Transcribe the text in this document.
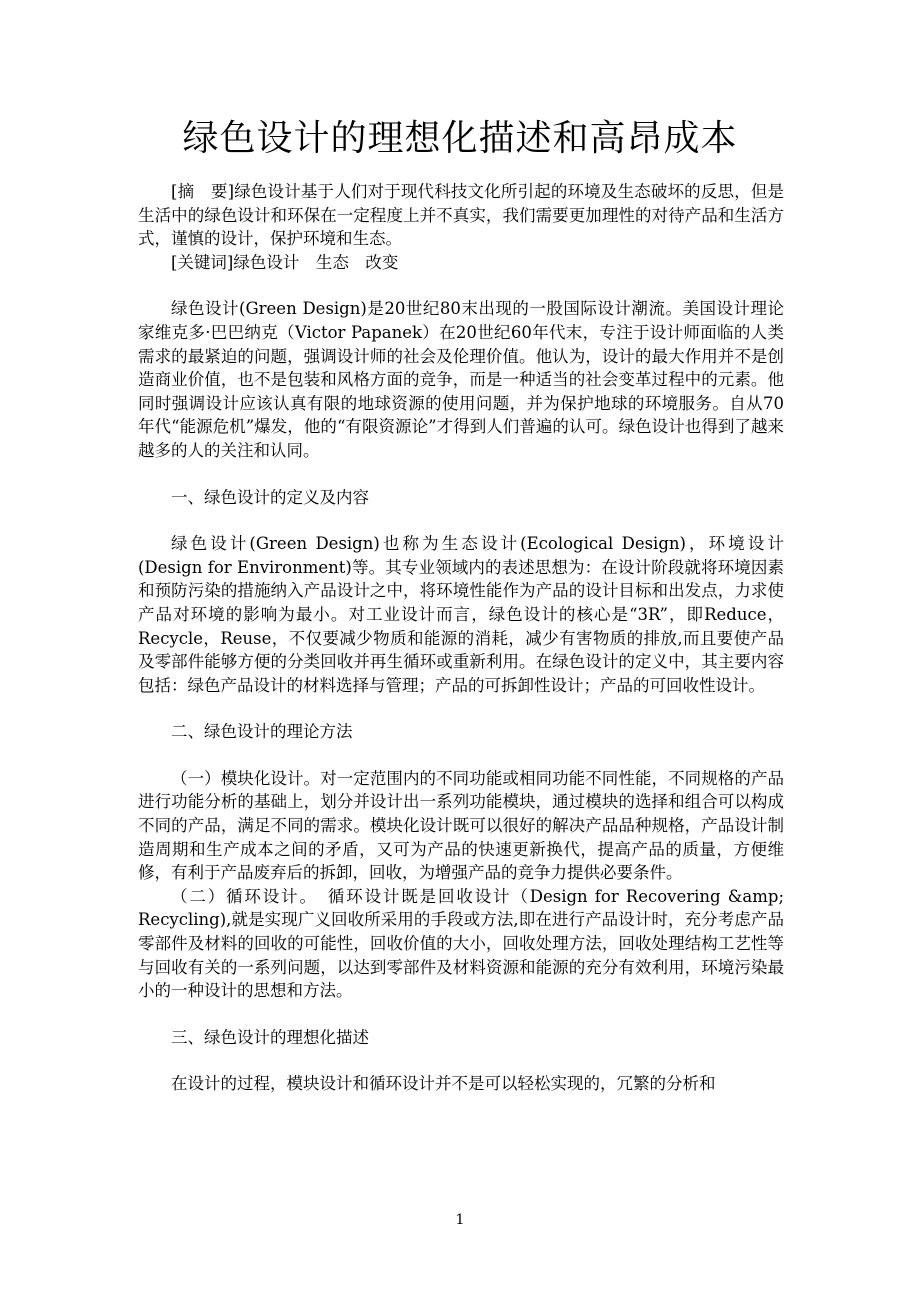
绿色设计的理想化描述和高昂成本

[摘　要]绿色设计基于人们对于现代科技文化所引起的环境及生态破坏的反思，但是生活中的绿色设计和环保在一定程度上并不真实，我们需要更加理性的对待产品和生活方式，谨慎的设计，保护环境和生态。

[关键词]绿色设计　生态　改变

绿色设计(Green Design)是20世纪80末出现的一股国际设计潮流。美国设计理论家维克多·巴巴纳克（Victor Papanek）在20世纪60年代末，专注于设计师面临的人类需求的最紧迫的问题，强调设计师的社会及伦理价值。他认为，设计的最大作用并不是创造商业价值，也不是包装和风格方面的竞争，而是一种适当的社会变革过程中的元素。他同时强调设计应该认真有限的地球资源的使用问题，并为保护地球的环境服务。自从70年代“能源危机”爆发，他的“有限资源论”才得到人们普遍的认可。绿色设计也得到了越来越多的人的关注和认同。

一、绿色设计的定义及内容

绿色设计(Green Design)也称为生态设计(Ecological Design)，环境设计(Design for Environment)等。其专业领域内的表述思想为：在设计阶段就将环境因素和预防污染的措施纳入产品设计之中，将环境性能作为产品的设计目标和出发点，力求使产品对环境的影响为最小。对工业设计而言，绿色设计的核心是“3R”，即Reduce，Recycle，Reuse，不仅要减少物质和能源的消耗，减少有害物质的排放,而且要使产品及零部件能够方便的分类回收并再生循环或重新利用。在绿色设计的定义中，其主要内容包括：绿色产品设计的材料选择与管理；产品的可拆卸性设计；产品的可回收性设计。

二、绿色设计的理论方法

（一）模块化设计。对一定范围内的不同功能或相同功能不同性能，不同规格的产品进行功能分析的基础上，划分并设计出一系列功能模块，通过模块的选择和组合可以构成不同的产品，满足不同的需求。模块化设计既可以很好的解决产品品种规格，产品设计制造周期和生产成本之间的矛盾，又可为产品的快速更新换代，提高产品的质量，方便维修，有利于产品废弃后的拆卸，回收，为增强产品的竞争力提供必要条件。

（二）循环设计。　循环设计既是回收设计（Design for Recovering &amp; Recycling),就是实现广义回收所采用的手段或方法,即在进行产品设计时，充分考虑产品零部件及材料的回收的可能性，回收价值的大小，回收处理方法，回收处理结构工艺性等与回收有关的一系列问题，以达到零部件及材料资源和能源的充分有效利用，环境污染最小的一种设计的思想和方法。

三、绿色设计的理想化描述

在设计的过程，模块设计和循环设计并不是可以轻松实现的，冗繁的分析和

1
